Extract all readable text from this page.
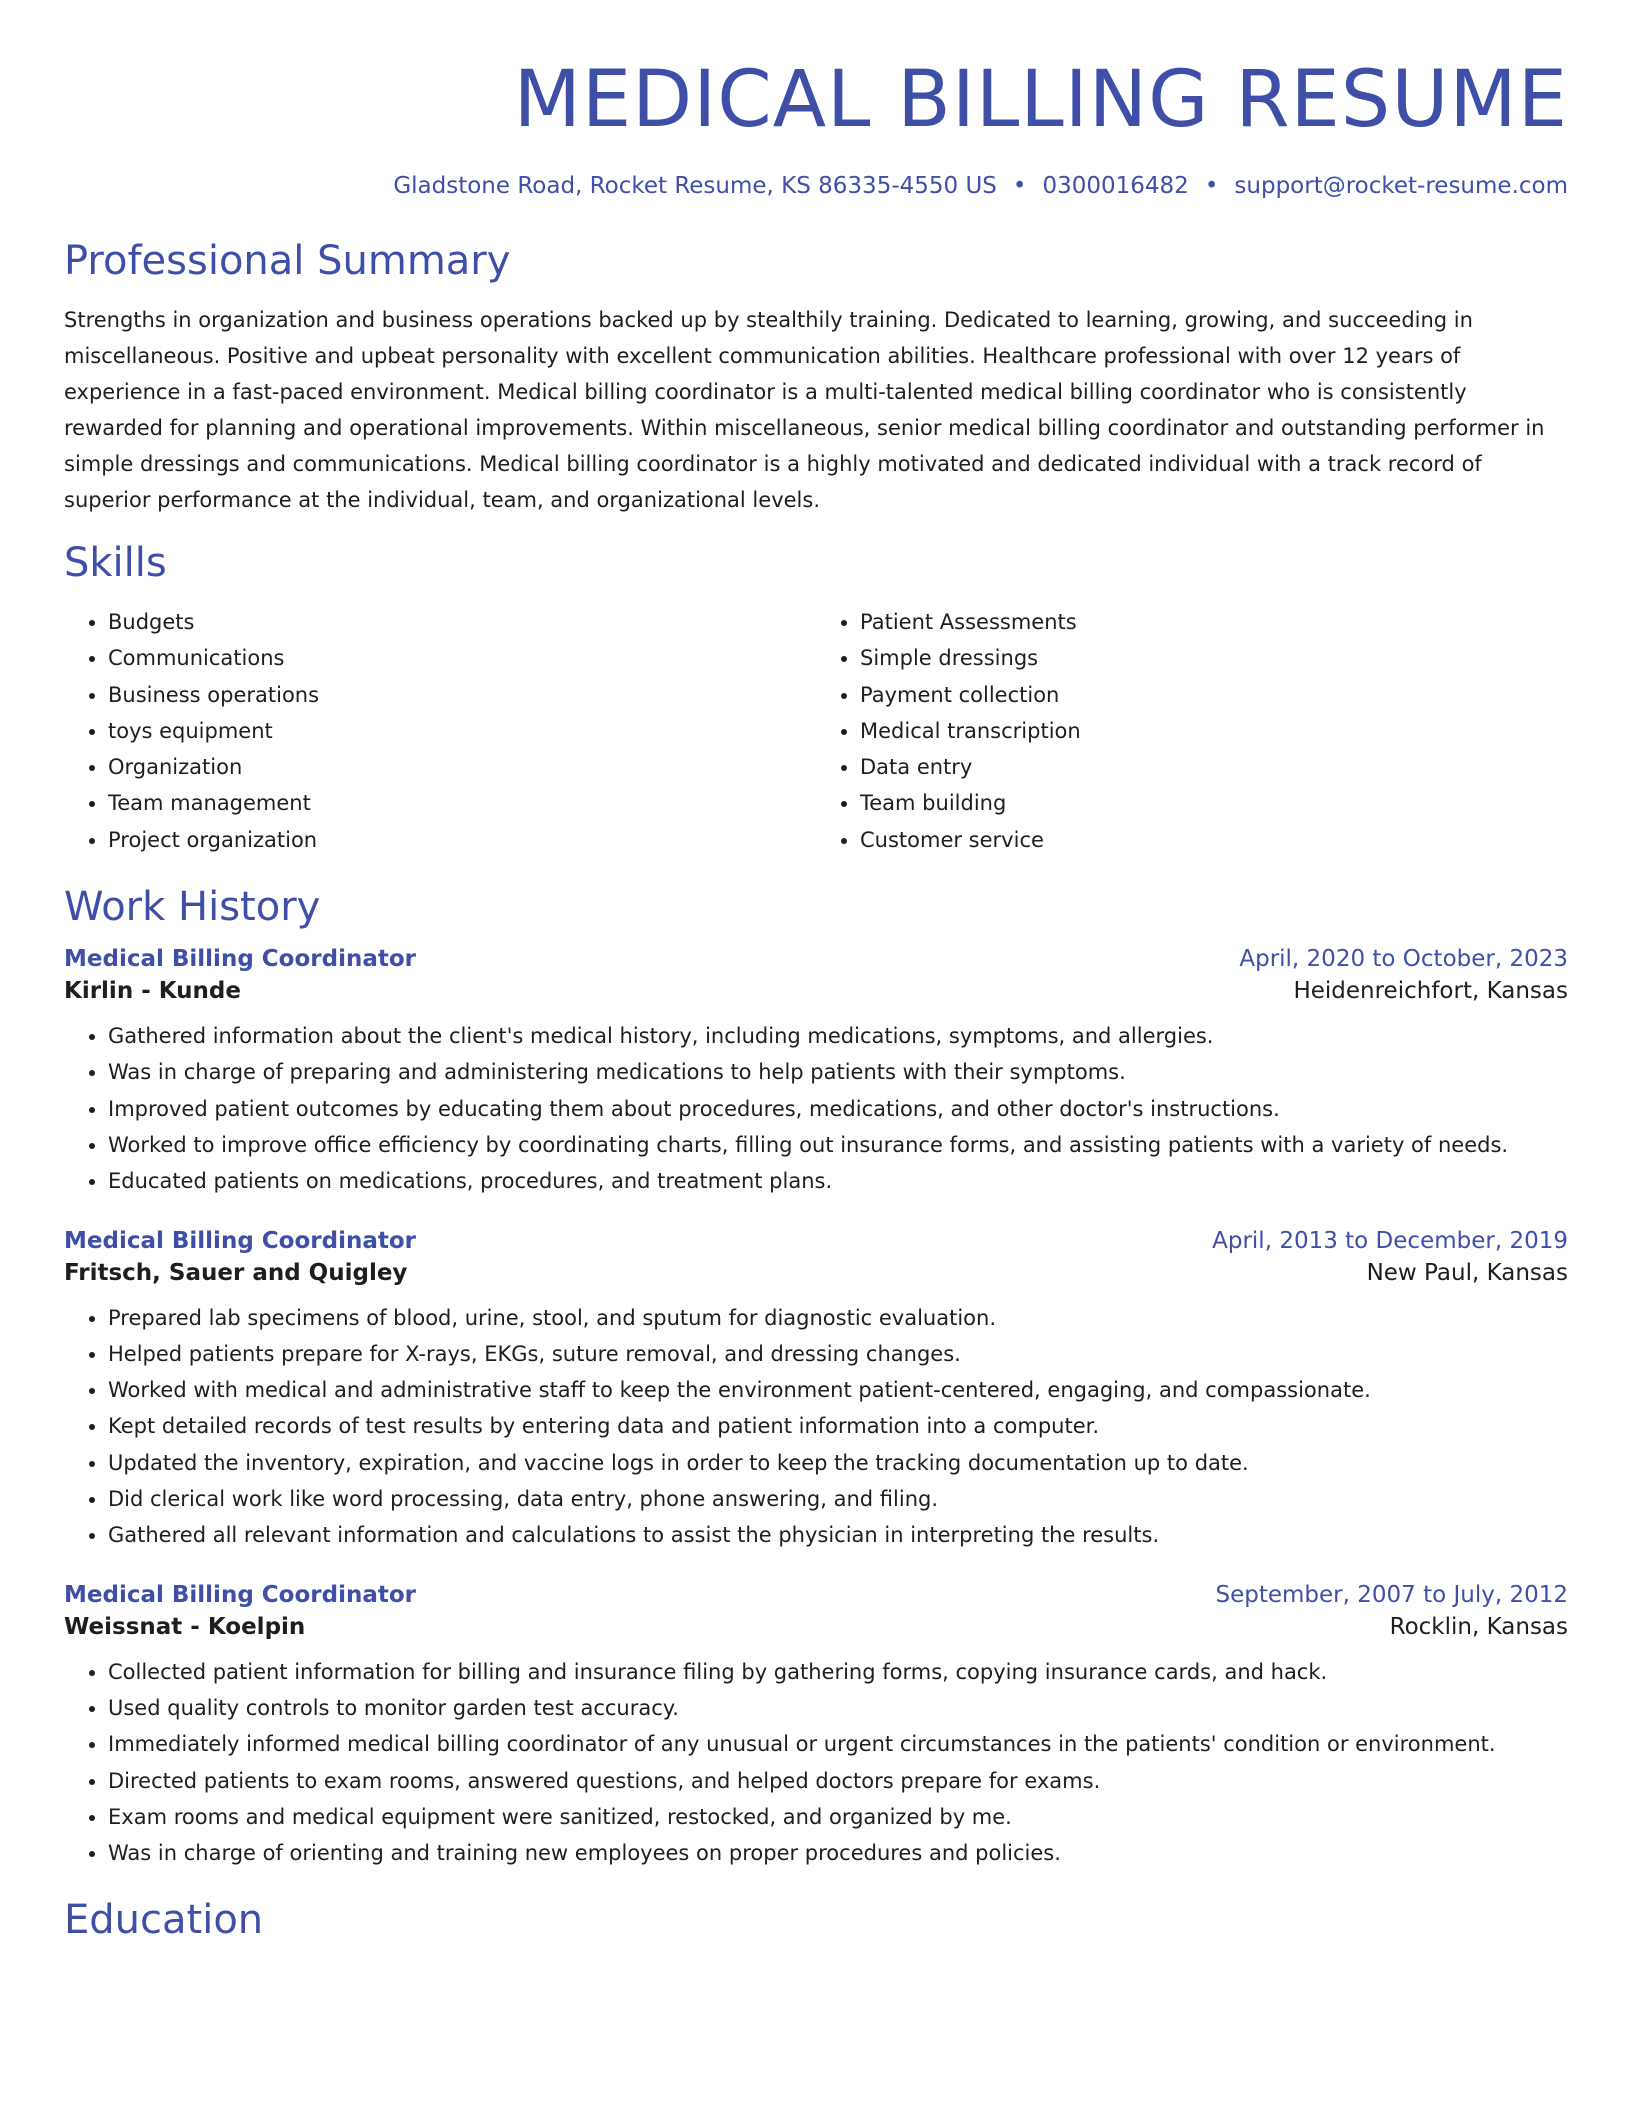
MEDICAL BILLING RESUME
Gladstone Road, Rocket Resume, KS 86335-4550 US • 0300016482 • support@rocket-resume.com
Professional Summary
Strengths in organization and business operations backed up by stealthily training. Dedicated to learning, growing, and succeeding in miscellaneous. Positive and upbeat personality with excellent communication abilities. Healthcare professional with over 12 years of experience in a fast-paced environment. Medical billing coordinator is a multi-talented medical billing coordinator who is consistently rewarded for planning and operational improvements. Within miscellaneous, senior medical billing coordinator and outstanding performer in simple dressings and communications. Medical billing coordinator is a highly motivated and dedicated individual with a track record of superior performance at the individual, team, and organizational levels.
Skills
• Budgets
• Communications
• Business operations
• toys equipment
• Organization
• Team management
• Project organization
• Patient Assessments
• Simple dressings
• Payment collection
• Medical transcription
• Data entry
• Team building
• Customer service
Work History
Medical Billing Coordinator	April, 2020 to October, 2023
Kirlin - Kunde	Heidenreichfort, Kansas
• Gathered information about the client's medical history, including medications, symptoms, and allergies.
• Was in charge of preparing and administering medications to help patients with their symptoms.
• Improved patient outcomes by educating them about procedures, medications, and other doctor's instructions.
• Worked to improve office efficiency by coordinating charts, filling out insurance forms, and assisting patients with a variety of needs.
• Educated patients on medications, procedures, and treatment plans.
Medical Billing Coordinator	April, 2013 to December, 2019
Fritsch, Sauer and Quigley	New Paul, Kansas
• Prepared lab specimens of blood, urine, stool, and sputum for diagnostic evaluation.
• Helped patients prepare for X-rays, EKGs, suture removal, and dressing changes.
• Worked with medical and administrative staff to keep the environment patient-centered, engaging, and compassionate.
• Kept detailed records of test results by entering data and patient information into a computer.
• Updated the inventory, expiration, and vaccine logs in order to keep the tracking documentation up to date.
• Did clerical work like word processing, data entry, phone answering, and filing.
• Gathered all relevant information and calculations to assist the physician in interpreting the results.
Medical Billing Coordinator	September, 2007 to July, 2012
Weissnat - Koelpin	Rocklin, Kansas
• Collected patient information for billing and insurance filing by gathering forms, copying insurance cards, and hack.
• Used quality controls to monitor garden test accuracy.
• Immediately informed medical billing coordinator of any unusual or urgent circumstances in the patients' condition or environment.
• Directed patients to exam rooms, answered questions, and helped doctors prepare for exams.
• Exam rooms and medical equipment were sanitized, restocked, and organized by me.
• Was in charge of orienting and training new employees on proper procedures and policies.
Education
